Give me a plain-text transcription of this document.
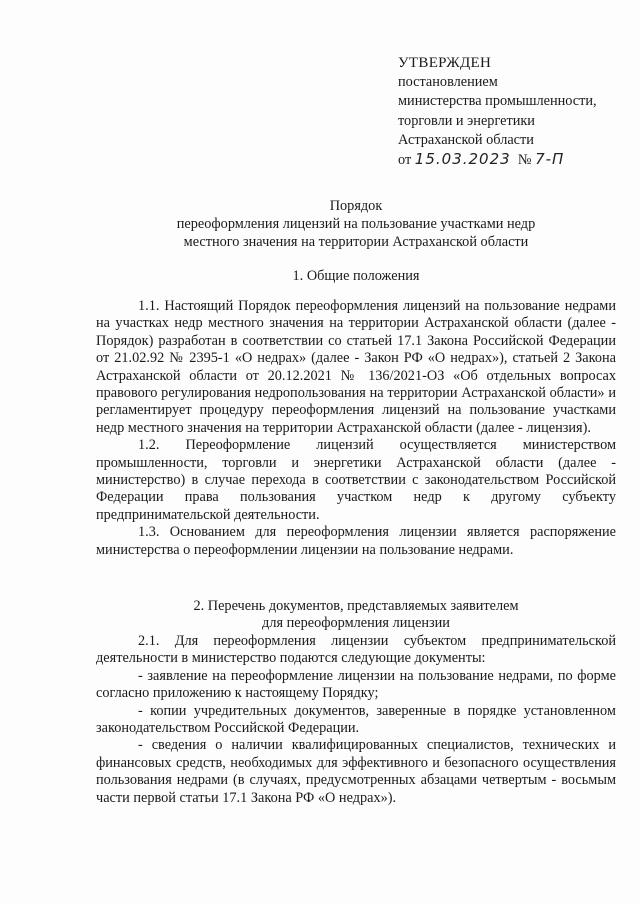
УТВЕРЖДЕН
постановлением
министерства промышленности,
торговли и энергетики
Астраханской области
от 15.03.2023 № 7-П
Порядок
переоформления лицензий на пользование участками недр
местного значения на территории Астраханской области
1. Общие положения

1.1. Настоящий Порядок переоформления лицензий на пользование недрами на участках недр местного значения на территории Астраханской области (далее - Порядок) разработан в соответствии со статьей 17.1 Закона Российской Федерации от 21.02.92 № 2395-1 «О недрах» (далее - Закон РФ «О недрах»), статьей 2 Закона Астраханской области от 20.12.2021 № 136/2021-ОЗ «Об отдельных вопросах правового регулирования недропользования на территории Астраханской области» и регламентирует процедуру переоформления лицензий на пользование участками недр местного значения на территории Астраханской области (далее - лицензия).

1.2. Переоформление лицензий осуществляется министерством промышленности, торговли и энергетики Астраханской области (далее - министерство) в случае перехода в соответствии с законодательством Российской Федерации права пользования участком недр к другому субъекту предпринимательской деятельности.

1.3. Основанием для переоформления лицензии является распоряжение министерства о переоформлении лицензии на пользование недрами.

2. Перечень документов, представляемых заявителем
для переоформления лицензии

2.1. Для переоформления лицензии субъектом предпринимательской деятельности в министерство подаются следующие документы:

- заявление на переоформление лицензии на пользование недрами, по форме согласно приложению к настоящему Порядку;

- копии учредительных документов, заверенные в порядке установленном законодательством Российской Федерации.

- сведения о наличии квалифицированных специалистов, технических и финансовых средств, необходимых для эффективного и безопасного осуществления пользования недрами (в случаях, предусмотренных абзацами четвертым - восьмым части первой статьи 17.1 Закона РФ «О недрах»).
